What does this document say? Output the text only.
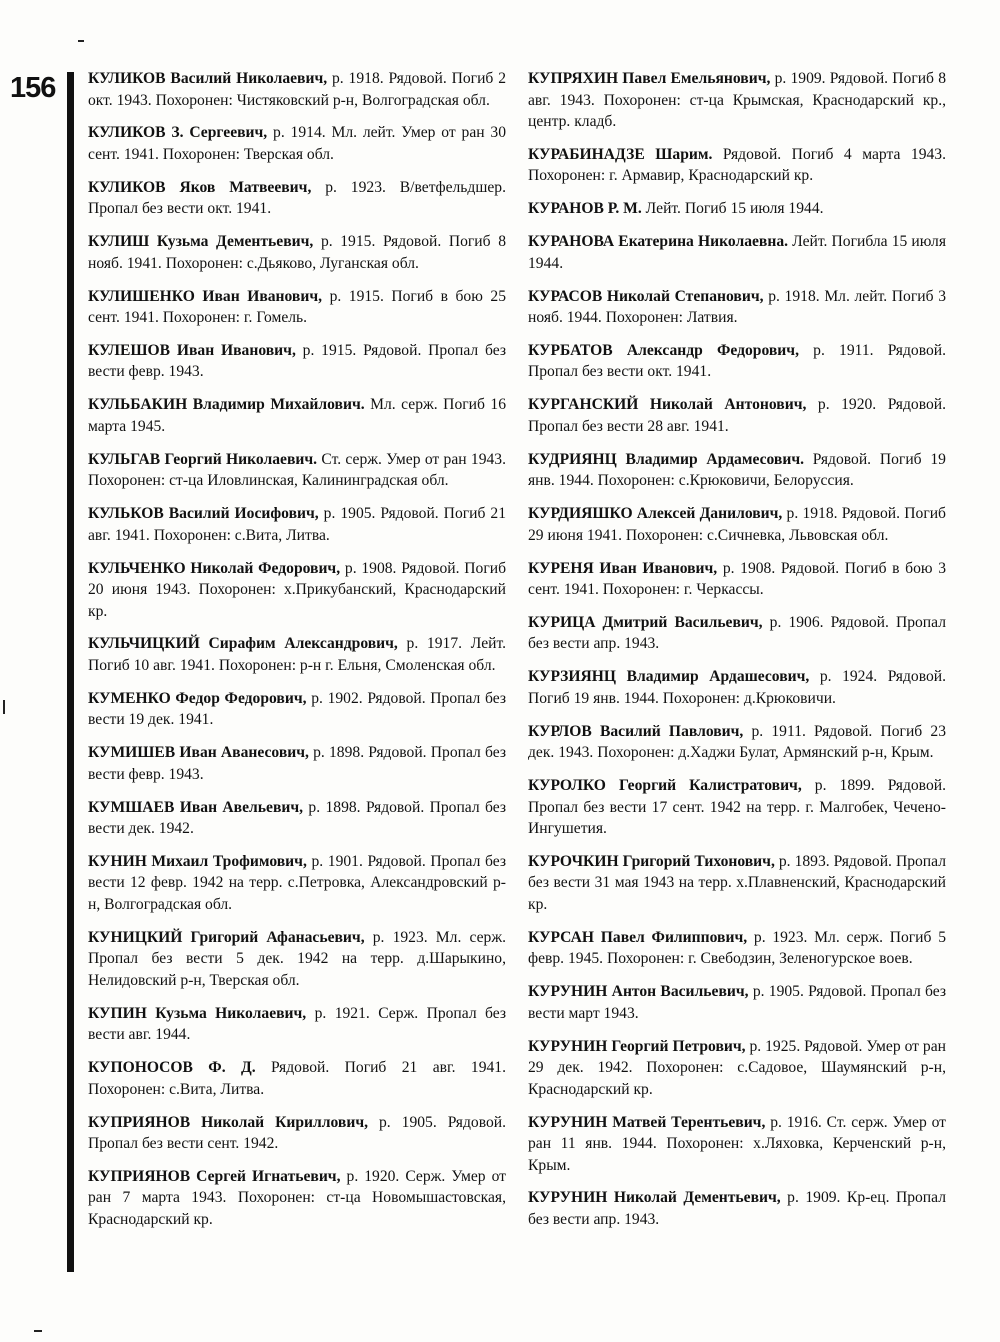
156 КУЛИКОВ Василий Николаевич, р. 1918. Рядовой. Погиб 2 окт. 1943. Похоронен: Чистяковский р-н, Волгоградская обл.

КУЛИКОВ З. Сергеевич, р. 1914. Мл. лейт. Умер от ран 30 сент. 1941. Похоронен: Тверская обл.

КУЛИКОВ Яков Матвеевич, р. 1923. В/ветфельдшер. Пропал без вести окт. 1941.

КУЛИШ Кузьма Дементьевич, р. 1915. Рядовой. Погиб 8 нояб. 1941. Похоронен: с.Дьяково, Луганская обл.

КУЛИШЕНКО Иван Иванович, р. 1915. Погиб в бою 25 сент. 1941. Похоронен: г. Гомель.

КУЛЕШОВ Иван Иванович, р. 1915. Рядовой. Пропал без вести февр. 1943.

КУЛЬБАКИН Владимир Михайлович. Мл. серж. Погиб 16 марта 1945.

КУЛЬГАВ Георгий Николаевич. Ст. серж. Умер от ран 1943. Похоронен: ст-ца Иловлинская, Калининградская обл.

КУЛЬКОВ Василий Иосифович, р. 1905. Рядовой. Погиб 21 авг. 1941. Похоронен: с.Вита, Литва.

КУЛЬЧЕНКО Николай Федорович, р. 1908. Рядовой. Погиб 20 июня 1943. Похоронен: х.Прикубанский, Краснодарский кр.

КУЛЬЧИЦКИЙ Сирафим Александрович, р. 1917. Лейт. Погиб 10 авг. 1941. Похоронен: р-н г. Ельня, Смоленская обл.

КУМЕНКО Федор Федорович, р. 1902. Рядовой. Пропал без вести 19 дек. 1941.

КУМИШЕВ Иван Аванесович, р. 1898. Рядовой. Пропал без вести февр. 1943.

КУМШАЕВ Иван Авельевич, р. 1898. Рядовой. Пропал без вести дек. 1942.

КУНИН Михаил Трофимович, р. 1901. Рядовой. Пропал без вести 12 февр. 1942 на терр. с.Петровка, Александровский р-н, Волгоградская обл.

КУНИЦКИЙ Григорий Афанасьевич, р. 1923. Мл. серж. Пропал без вести 5 дек. 1942 на терр. д.Шарыкино, Нелидовский р-н, Тверская обл.

КУПИН Кузьма Николаевич, р. 1921. Серж. Пропал без вести авг. 1944.

КУПОНОСОВ Ф. Д. Рядовой. Погиб 21 авг. 1941. Похоронен: с.Вита, Литва.

КУПРИЯНОВ Николай Кириллович, р. 1905. Рядовой. Пропал без вести сент. 1942.

КУПРИЯНОВ Сергей Игнатьевич, р. 1920. Серж. Умер от ран 7 марта 1943. Похоронен: ст-ца Новомышастовская, Краснодарский кр.

КУПРЯХИН Павел Емельянович, р. 1909. Рядовой. Погиб 8 авг. 1943. Похоронен: ст-ца Крымская, Краснодарский кр., центр. кладб.

КУРАБИНАДЗЕ Шарим. Рядовой. Погиб 4 марта 1943. Похоронен: г. Армавир, Краснодарский кр.

КУРАНОВ Р. М. Лейт. Погиб 15 июля 1944.

КУРАНОВА Екатерина Николаевна. Лейт. Погибла 15 июля 1944.

КУРАСОВ Николай Степанович, р. 1918. Мл. лейт. Погиб 3 нояб. 1944. Похоронен: Латвия.

КУРБАТОВ Александр Федорович, р. 1911. Рядовой. Пропал без вести окт. 1941.

КУРГАНСКИЙ Николай Антонович, р. 1920. Рядовой. Пропал без вести 28 авг. 1941.

КУДРИЯНЦ Владимир Ардамесович. Рядовой. Погиб 19 янв. 1944. Похоронен: с.Крюковичи, Белоруссия.

КУРДИЯШКО Алексей Данилович, р. 1918. Рядовой. Погиб 29 июня 1941. Похоронен: с.Сичневка, Львовская обл.

КУРЕНЯ Иван Иванович, р. 1908. Рядовой. Погиб в бою 3 сент. 1941. Похоронен: г. Черкассы.

КУРИЦА Дмитрий Васильевич, р. 1906. Рядовой. Пропал без вести апр. 1943.

КУРЗИЯНЦ Владимир Ардашесович, р. 1924. Рядовой. Погиб 19 янв. 1944. Похоронен: д.Крюковичи.

КУРЛОВ Василий Павлович, р. 1911. Рядовой. Погиб 23 дек. 1943. Похоронен: д.Хаджи Булат, Армянский р-н, Крым.

КУРОЛКО Георгий Калистратович, р. 1899. Рядовой. Пропал без вести 17 сент. 1942 на терр. г. Малгобек, Чечено-Ингушетия.

КУРОЧКИН Григорий Тихонович, р. 1893. Рядовой. Пропал без вести 31 мая 1943 на терр. х.Плавненский, Краснодарский кр.

КУРСАН Павел Филиппович, р. 1923. Мл. серж. Погиб 5 февр. 1945. Похоронен: г. Свебодзин, Зеленогурское воев.

КУРУНИН Антон Васильевич, р. 1905. Рядовой. Пропал без вести март 1943.

КУРУНИН Георгий Петрович, р. 1925. Рядовой. Умер от ран 29 дек. 1942. Похоронен: с.Садовое, Шаумянский р-н, Краснодарский кр.

КУРУНИН Матвей Терентьевич, р. 1916. Ст. серж. Умер от ран 11 янв. 1944. Похоронен: х.Ляховка, Керченский р-н, Крым.

КУРУНИН Николай Дементьевич, р. 1909. Кр-ец. Пропал без вести апр. 1943.
